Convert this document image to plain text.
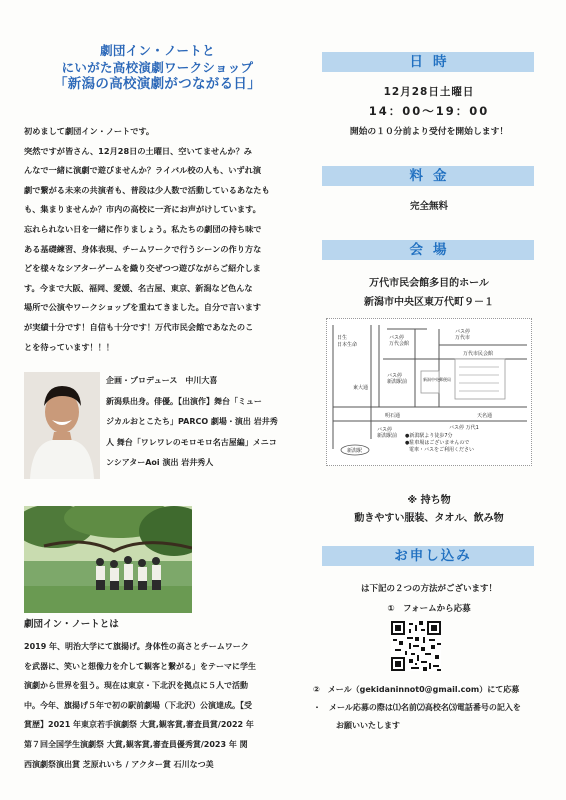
劇団イン・ノートと
にいがた高校演劇ワークショップ
「新潟の高校演劇がつながる日」
初めまして劇団イン・ノートです。
突然ですが皆さん、12月28日の土曜日、空いてませんか？み
んなで一緒に演劇で遊びませんか？ライバル校の人も、いずれ演
劇で繋がる未来の共演者も、普段は少人数で活動しているあなたも
も、集まりませんか？市内の高校に一斉にお声がけしています。
忘れられない日を一緒に作りましょう。私たちの劇団の持ち味で
ある基礎練習、身体表現、チームワークで行うシーンの作り方な
どを様々なシアターゲームを織り交ぜつつ遊びながらご紹介しま
す。今まで大阪、福岡、愛媛、名古屋、東京、新潟など色んな
場所で公演やワークショップを重ねてきました。自分で言います
が実績十分です！自信も十分です！万代市民会館であなたのこ
とを待っています！！！
企画・プロデュース　中川大喜
新潟県出身。俳優。【出演作】舞台「ミュー
ジカルおとこたち」PARCO 劇場・演出 岩井秀
人 舞台「ワレワレのモロモロ名古屋編」メニコ
ンシアターAoi 演出 岩井秀人
劇団イン・ノートとは
2019 年、明治大学にて旗揚げ。身体性の高さとチームワーク
を武器に、笑いと想像力を介して観客と繋がる」をテーマに学生
演劇から世界を狙う。現在は東京・下北沢を拠点に５人で活動
中。今年、旗揚げ５年で初の駅前劇場（下北沢）公演達成。【受
賞歴】2021 年東京若手演劇祭 大賞,観客賞,審査員賞/2022 年
第７回全国学生演劇祭 大賞,観客賞,審査員優秀賞/2023 年 関
西演劇祭演出賞 芝原れいち / アクター賞 石川なつ美
日時
12月28日土曜日
14：00〜19：00
開始の１０分前より受付を開始します！
料金
完全無料
会場
万代市民会館多目的ホール
新潟市中央区東万代町９－１
新潟駅
日生
日本生命
バス停
万代会館
バス停
万代市
バス停
新潟駅前
万代市民会館
東大通
明石通
バス停
新潟駅前
天名通
新潟中央郵便局
バス停 万代1
●新潟駅より徒歩7分
●駐車場はございませんので
電車・バスをご利用ください
※ 持ち物
動きやすい服装、タオル、飲み物
お申し込み
は下記の２つの方法がございます！
①　フォームから応募
②　メール（gekidaninnot0@gmail.com）にて応募
・　メール応募の際は⑴名前⑵高校名⑶電話番号の記入を
お願いいたします
